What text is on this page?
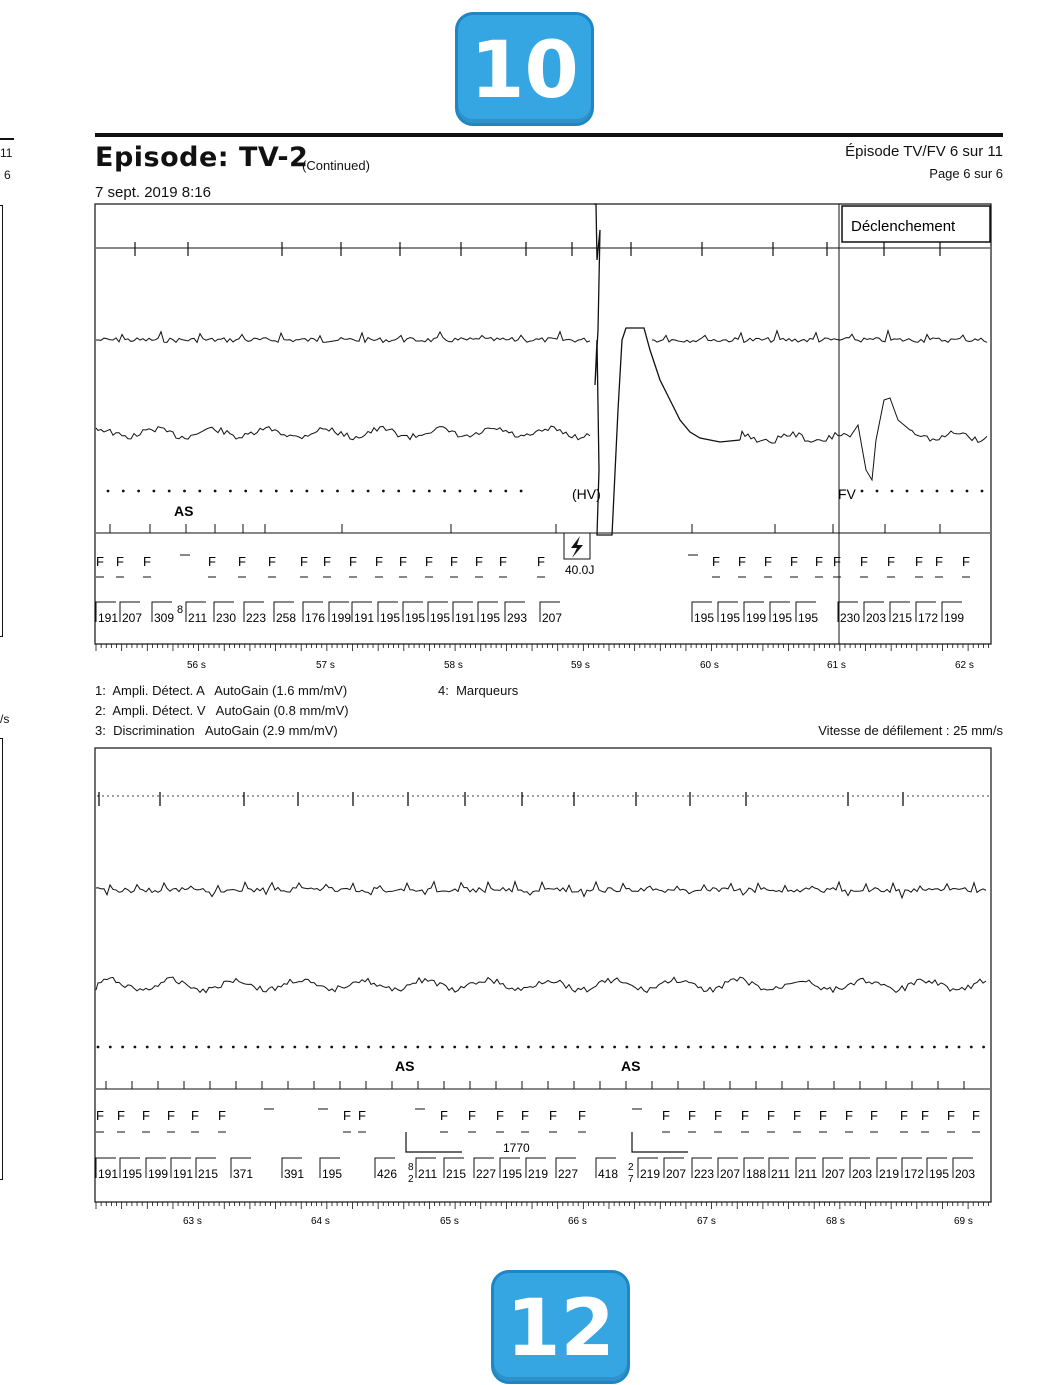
10
12
11
6
/s
Episode: TV-2
(Continued)
7 sept. 2019 8:16
Épisode TV/FV 6 sur 11
Page 6 sur 6
Déclenchement
(HV)	FV
AS
F F F	F F F F F F F F F F F F F	F F F F F F F F F F F
40.0J
191 207 309 211 230 223 258 176 199 191 195 195 195 191 195 293 207	195 195 199 195 195 230 203 215 172 199
8
56 s	57 s	58 s	59 s	60 s	61 s	62 s
1:  Ampli. Détect. A   AutoGain (1.6 mm/mV)
2:  Ampli. Détect. V   AutoGain (0.8 mm/mV)
3:  Discrimination   AutoGain (2.9 mm/mV)
4:  Marqueurs
Vitesse de défilement : 25 mm/s
AS	AS
F F F F F F	F F	F F F F F F	F F F F F F F F F F F F F
1770
191 195 199 191 215 371	391 195	426 211 215 227 195 219 227 418 219 207 223 207 188 211 211 207 203 219 172 195 203
8
2
2
7
63 s	64 s	65 s	66 s	67 s	68 s	69 s
